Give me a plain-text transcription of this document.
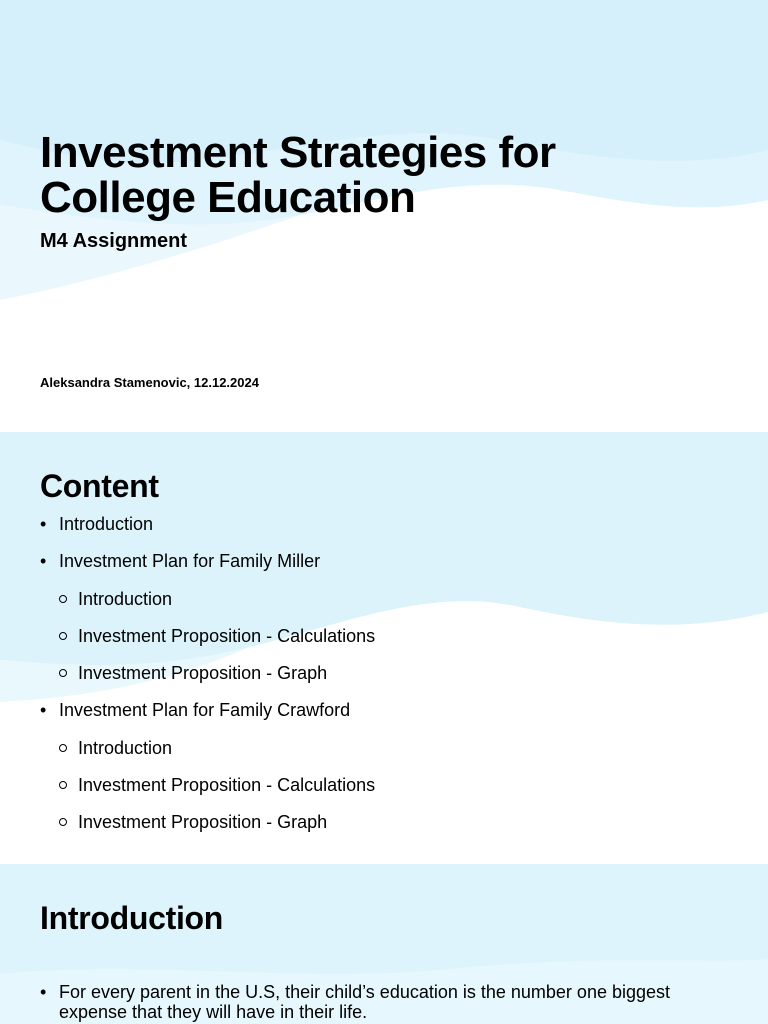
Investment Strategies for
College Education

M4 Assignment

Aleksandra Stamenovic, 12.12.2024

Content
• Introduction
• Investment Plan for Family Miller
Introduction
Investment Proposition - Calculations
Investment Proposition - Graph
• Investment Plan for Family Crawford
Introduction
Investment Proposition - Calculations
Investment Proposition - Graph
Introduction
• For every parent in the U.S, their child’s education is the number one biggest expense that they will have in their life.
